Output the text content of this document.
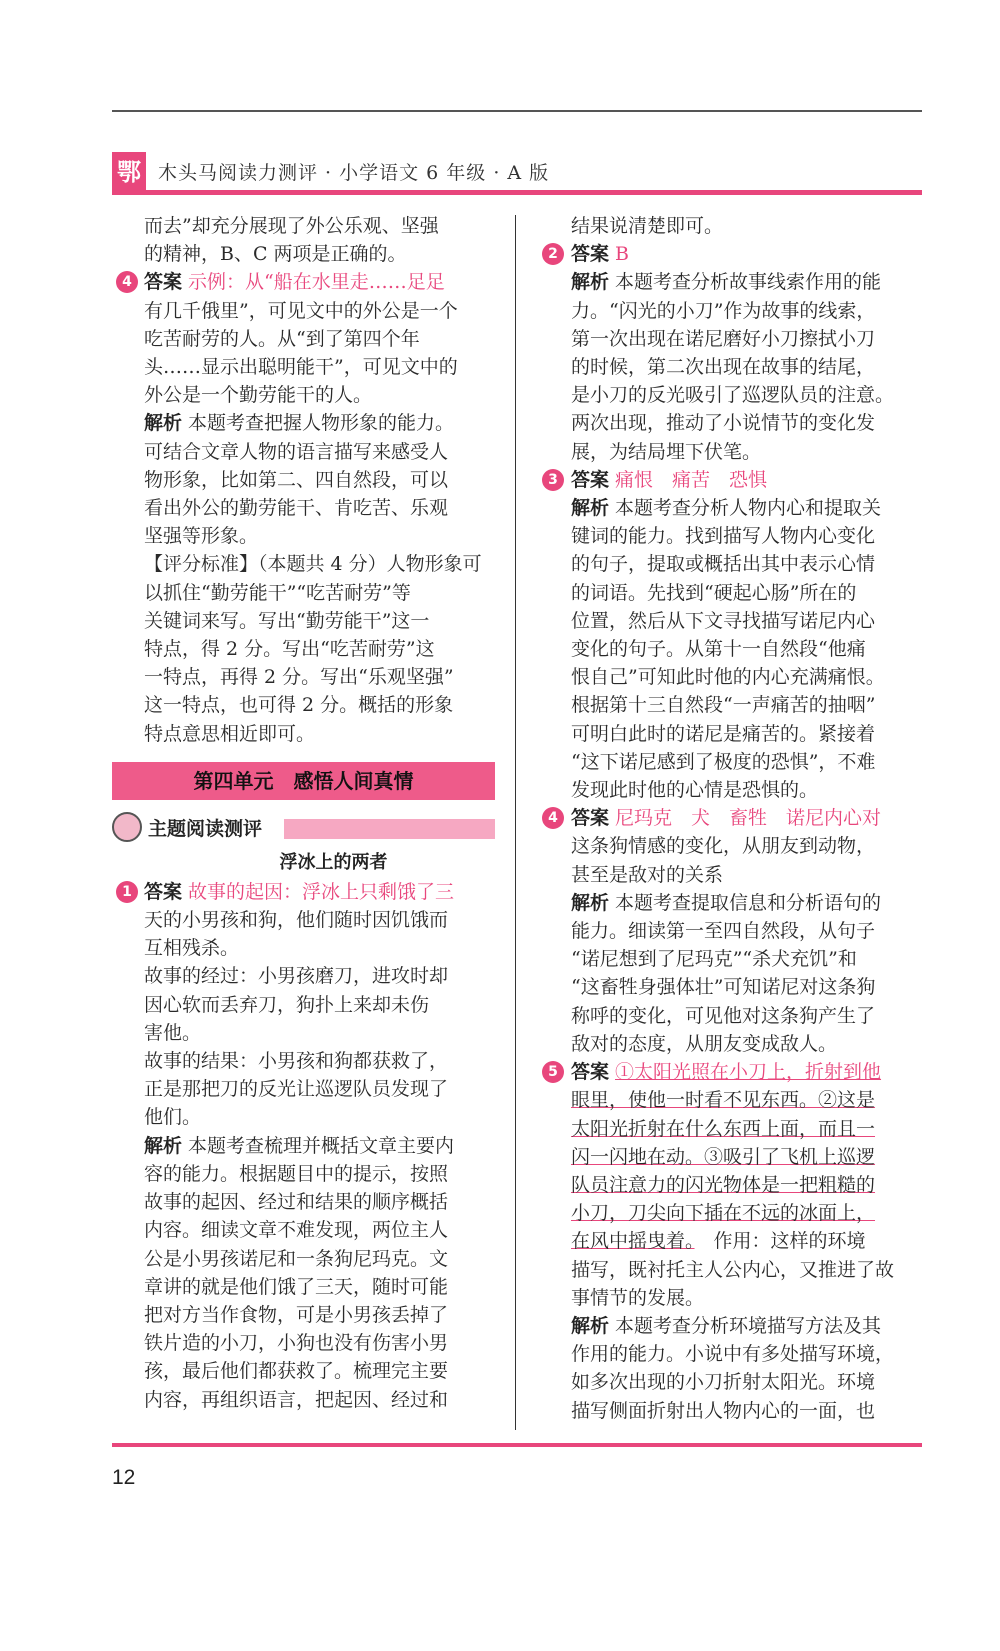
鄂 木头马阅读力测评 · 小学语文 6 年级 · A 版

而去”却充分展现了外公乐观、坚强

的精神，B、C 两项是正确的。

4 答案 示例：从“船在水里走……足足

有几千俄里”，可见文中的外公是一个

吃苦耐劳的人。从“到了第四个年

头……显示出聪明能干”，可见文中的

外公是一个勤劳能干的人。

解析 本题考查把握人物形象的能力。

可结合文章人物的语言描写来感受人

物形象，比如第二、四自然段，可以

看出外公的勤劳能干、肯吃苦、乐观

坚强等形象。

【评分标准】（本题共 4 分）人物形象可

以抓住“勤劳能干”“吃苦耐劳”等

关键词来写。写出“勤劳能干”这一

特点，得 2 分。写出“吃苦耐劳”这

一特点，再得 2 分。写出“乐观坚强”

这一特点，也可得 2 分。概括的形象

特点意思相近即可。

第四单元　感悟人间真情
主题阅读测评
浮冰上的两者
1 答案 故事的起因：浮冰上只剩饿了三

天的小男孩和狗，他们随时因饥饿而

互相残杀。

故事的经过：小男孩磨刀，进攻时却

因心软而丢弃刀，狗扑上来却未伤

害他。

故事的结果：小男孩和狗都获救了，

正是那把刀的反光让巡逻队员发现了

他们。

解析 本题考查梳理并概括文章主要内

容的能力。根据题目中的提示，按照

故事的起因、经过和结果的顺序概括

内容。细读文章不难发现，两位主人

公是小男孩诺尼和一条狗尼玛克。文

章讲的就是他们饿了三天，随时可能

把对方当作食物，可是小男孩丢掉了

铁片造的小刀，小狗也没有伤害小男

孩，最后他们都获救了。梳理完主要

内容，再组织语言，把起因、经过和

结果说清楚即可。

2 答案 B

解析 本题考查分析故事线索作用的能

力。“闪光的小刀”作为故事的线索，

第一次出现在诺尼磨好小刀擦拭小刀

的时候，第二次出现在故事的结尾，

是小刀的反光吸引了巡逻队员的注意。

两次出现，推动了小说情节的变化发

展，为结局埋下伏笔。

3 答案 痛恨　痛苦　恐惧

解析 本题考查分析人物内心和提取关

键词的能力。找到描写人物内心变化

的句子，提取或概括出其中表示心情

的词语。先找到“硬起心肠”所在的

位置，然后从下文寻找描写诺尼内心

变化的句子。从第十一自然段“他痛

恨自己”可知此时他的内心充满痛恨。

根据第十三自然段“一声痛苦的抽咽”

可明白此时的诺尼是痛苦的。紧接着

“这下诺尼感到了极度的恐惧”，不难

发现此时他的心情是恐惧的。

4 答案 尼玛克　犬　畜牲　诺尼内心对

这条狗情感的变化，从朋友到动物，

甚至是敌对的关系

解析 本题考查提取信息和分析语句的

能力。细读第一至四自然段，从句子

“诺尼想到了尼玛克”“杀犬充饥”和

“这畜牲身强体壮”可知诺尼对这条狗

称呼的变化，可见他对这条狗产生了

敌对的态度，从朋友变成敌人。

5 答案 ①太阳光照在小刀上，折射到他

眼里，使他一时看不见东西。②这是

太阳光折射在什么东西上面，而且一

闪一闪地在动。③吸引了飞机上巡逻

队员注意力的闪光物体是一把粗糙的

小刀，刀尖向下插在不远的冰面上，

在风中摇曳着。　作用：这样的环境

描写，既衬托主人公内心，又推进了故

事情节的发展。

解析 本题考查分析环境描写方法及其

作用的能力。小说中有多处描写环境，

如多次出现的小刀折射太阳光。环境

描写侧面折射出人物内心的一面，也

12
